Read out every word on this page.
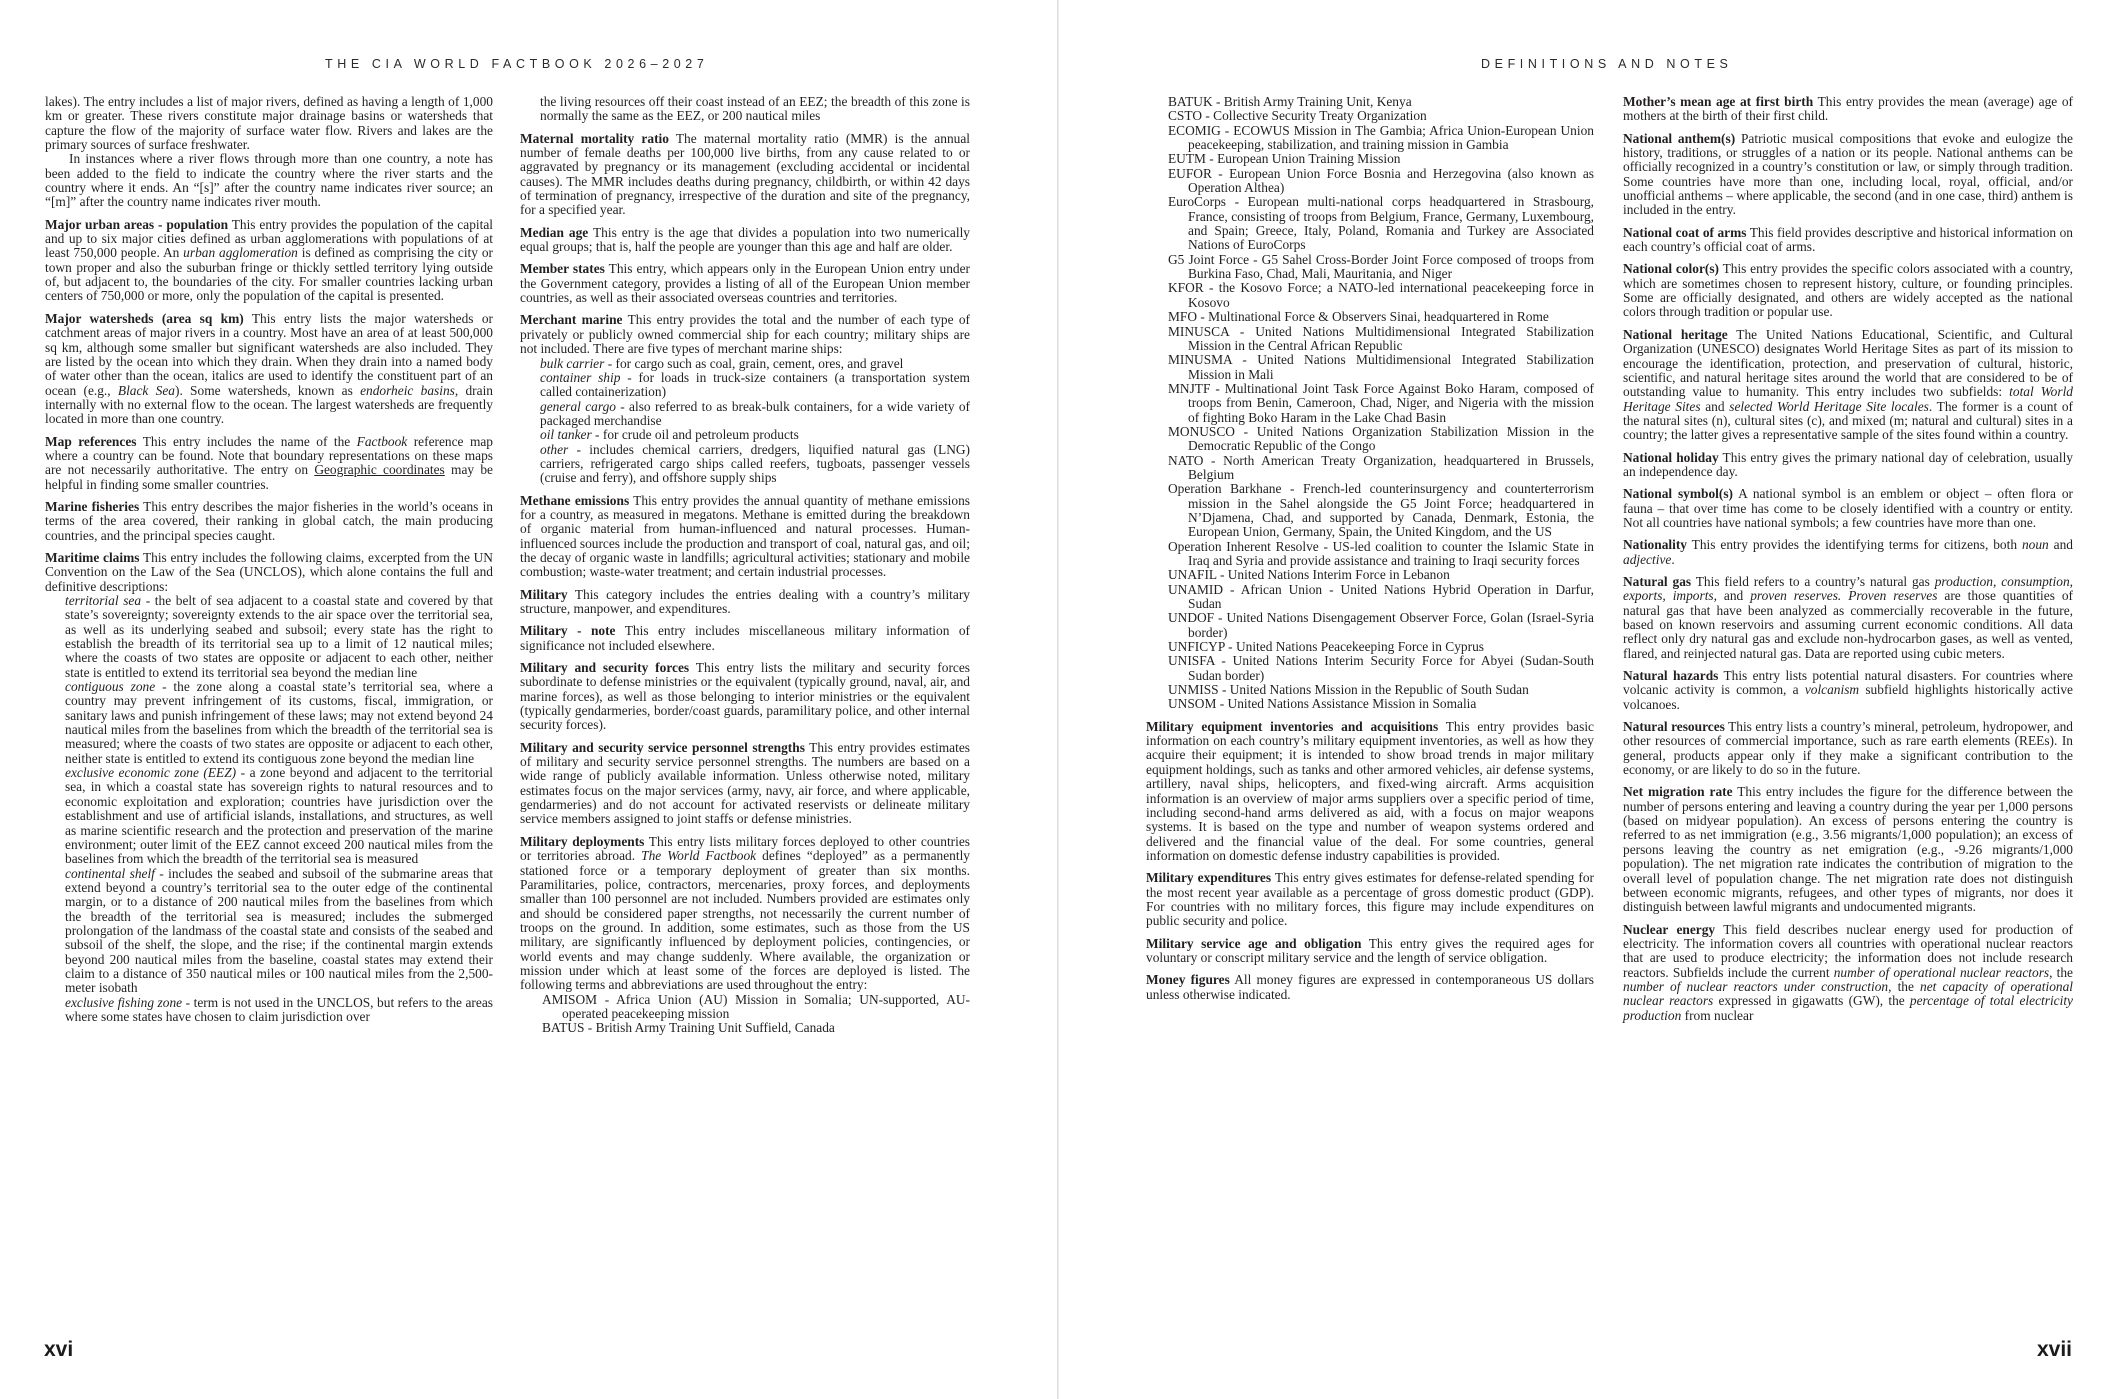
THE CIA WORLD FACTBOOK 2026–2027

lakes). The entry includes a list of major rivers, defined as having a length of 1,000 km or greater. These rivers constitute major drainage basins or watersheds that capture the flow of the majority of surface water flow. Rivers and lakes are the primary sources of surface freshwater.

In instances where a river flows through more than one country, a note has been added to the field to indicate the country where the river starts and the country where it ends. An “[s]” after the country name indicates river source; an “[m]” after the country name indicates river mouth.

Major urban areas - population This entry provides the population of the capital and up to six major cities defined as urban agglomerations with populations of at least 750,000 people. An urban agglomeration is defined as comprising the city or town proper and also the suburban fringe or thickly settled territory lying outside of, but adjacent to, the boundaries of the city. For smaller countries lacking urban centers of 750,000 or more, only the population of the capital is presented.

Major watersheds (area sq km) This entry lists the major watersheds or catchment areas of major rivers in a country. Most have an area of at least 500,000 sq km, although some smaller but significant watersheds are also included. They are listed by the ocean into which they drain. When they drain into a named body of water other than the ocean, italics are used to identify the constituent part of an ocean (e.g., Black Sea). Some watersheds, known as endorheic basins, drain internally with no external flow to the ocean. The largest watersheds are frequently located in more than one country.

Map references This entry includes the name of the Factbook reference map where a country can be found. Note that boundary representations on these maps are not necessarily authoritative. The entry on Geographic coordinates may be helpful in finding some smaller countries.

Marine fisheries This entry describes the major fisheries in the world’s oceans in terms of the area covered, their ranking in global catch, the main producing countries, and the principal species caught.

Maritime claims This entry includes the following claims, excerpted from the UN Convention on the Law of the Sea (UNCLOS), which alone contains the full and definitive descriptions:

territorial sea - the belt of sea adjacent to a coastal state and covered by that state’s sovereignty; sovereignty extends to the air space over the territorial sea, as well as its underlying seabed and subsoil; every state has the right to establish the breadth of its territorial sea up to a limit of 12 nautical miles; where the coasts of two states are opposite or adjacent to each other, neither state is entitled to extend its territorial sea beyond the median line

contiguous zone - the zone along a coastal state’s territorial sea, where a country may prevent infringement of its customs, fiscal, immigration, or sanitary laws and punish infringement of these laws; may not extend beyond 24 nautical miles from the baselines from which the breadth of the territorial sea is measured; where the coasts of two states are opposite or adjacent to each other, neither state is entitled to extend its contiguous zone beyond the median line

exclusive economic zone (EEZ) - a zone beyond and adjacent to the territorial sea, in which a coastal state has sovereign rights to natural resources and to economic exploitation and exploration; countries have jurisdiction over the establishment and use of artificial islands, installations, and structures, as well as marine scientific research and the protection and preservation of the marine environment; outer limit of the EEZ cannot exceed 200 nautical miles from the baselines from which the breadth of the territorial sea is measured

continental shelf - includes the seabed and subsoil of the submarine areas that extend beyond a country’s territorial sea to the outer edge of the continental margin, or to a distance of 200 nautical miles from the baselines from which the breadth of the territorial sea is measured; includes the submerged prolongation of the landmass of the coastal state and consists of the seabed and subsoil of the shelf, the slope, and the rise; if the continental margin extends beyond 200 nautical miles from the baseline, coastal states may extend their claim to a distance of 350 nautical miles or 100 nautical miles from the 2,500-meter isobath

exclusive fishing zone - term is not used in the UNCLOS, but refers to the areas where some states have chosen to claim jurisdiction over

the living resources off their coast instead of an EEZ; the breadth of this zone is normally the same as the EEZ, or 200 nautical miles

Maternal mortality ratio The maternal mortality ratio (MMR) is the annual number of female deaths per 100,000 live births, from any cause related to or aggravated by pregnancy or its management (excluding accidental or incidental causes). The MMR includes deaths during pregnancy, childbirth, or within 42 days of termination of pregnancy, irrespective of the duration and site of the pregnancy, for a specified year.

Median age This entry is the age that divides a population into two numerically equal groups; that is, half the people are younger than this age and half are older.

Member states This entry, which appears only in the European Union entry under the Government category, provides a listing of all of the European Union member countries, as well as their associated overseas countries and territories.

Merchant marine This entry provides the total and the number of each type of privately or publicly owned commercial ship for each country; military ships are not included. There are five types of merchant marine ships:

bulk carrier - for cargo such as coal, grain, cement, ores, and gravel

container ship - for loads in truck-size containers (a transportation system called containerization)

general cargo - also referred to as break-bulk containers, for a wide variety of packaged merchandise

oil tanker - for crude oil and petroleum products

other - includes chemical carriers, dredgers, liquified natural gas (LNG) carriers, refrigerated cargo ships called reefers, tugboats, passenger vessels (cruise and ferry), and offshore supply ships

Methane emissions This entry provides the annual quantity of methane emissions for a country, as measured in megatons. Methane is emitted during the breakdown of organic material from human-influenced and natural processes. Human-influenced sources include the production and transport of coal, natural gas, and oil; the decay of organic waste in landfills; agricultural activities; stationary and mobile combustion; waste-water treatment; and certain industrial processes.

Military This category includes the entries dealing with a country’s military structure, manpower, and expenditures.

Military - note This entry includes miscellaneous military information of significance not included elsewhere.

Military and security forces This entry lists the military and security forces subordinate to defense ministries or the equivalent (typically ground, naval, air, and marine forces), as well as those belonging to interior ministries or the equivalent (typically gendarmeries, border/coast guards, paramilitary police, and other internal security forces).

Military and security service personnel strengths This entry provides estimates of military and security service personnel strengths. The numbers are based on a wide range of publicly available information. Unless otherwise noted, military estimates focus on the major services (army, navy, air force, and where applicable, gendarmeries) and do not account for activated reservists or delineate military service members assigned to joint staffs or defense ministries.

Military deployments This entry lists military forces deployed to other countries or territories abroad. The World Factbook defines “deployed” as a permanently stationed force or a temporary deployment of greater than six months. Paramilitaries, police, contractors, mercenaries, proxy forces, and deployments smaller than 100 personnel are not included. Numbers provided are estimates only and should be considered paper strengths, not necessarily the current number of troops on the ground. In addition, some estimates, such as those from the US military, are significantly influenced by deployment policies, contingencies, or world events and may change suddenly. Where available, the organization or mission under which at least some of the forces are deployed is listed. The following terms and abbreviations are used throughout the entry:

AMISOM - Africa Union (AU) Mission in Somalia; UN-supported, AU-operated peacekeeping mission

BATUS - British Army Training Unit Suffield, Canada

xvi
DEFINITIONS AND NOTES

BATUK - British Army Training Unit, Kenya

CSTO - Collective Security Treaty Organization

ECOMIG - ECOWUS Mission in The Gambia; Africa Union-European Union peacekeeping, stabilization, and training mission in Gambia

EUTM - European Union Training Mission

EUFOR - European Union Force Bosnia and Herzegovina (also known as Operation Althea)

EuroCorps - European multi-national corps headquartered in Strasbourg, France, consisting of troops from Belgium, France, Germany, Luxembourg, and Spain; Greece, Italy, Poland, Romania and Turkey are Associated Nations of EuroCorps

G5 Joint Force - G5 Sahel Cross-Border Joint Force composed of troops from Burkina Faso, Chad, Mali, Mauritania, and Niger

KFOR - the Kosovo Force; a NATO-led international peacekeeping force in Kosovo

MFO - Multinational Force & Observers Sinai, headquartered in Rome

MINUSCA - United Nations Multidimensional Integrated Stabilization Mission in the Central African Republic

MINUSMA - United Nations Multidimensional Integrated Stabilization Mission in Mali

MNJTF - Multinational Joint Task Force Against Boko Haram, composed of troops from Benin, Cameroon, Chad, Niger, and Nigeria with the mission of fighting Boko Haram in the Lake Chad Basin

MONUSCO - United Nations Organization Stabilization Mission in the Democratic Republic of the Congo

NATO - North American Treaty Organization, headquartered in Brussels, Belgium

Operation Barkhane - French-led counterinsurgency and counterterrorism mission in the Sahel alongside the G5 Joint Force; headquartered in N’Djamena, Chad, and supported by Canada, Denmark, Estonia, the European Union, Germany, Spain, the United Kingdom, and the US

Operation Inherent Resolve - US-led coalition to counter the Islamic State in Iraq and Syria and provide assistance and training to Iraqi security forces

UNAFIL - United Nations Interim Force in Lebanon

UNAMID - African Union - United Nations Hybrid Operation in Darfur, Sudan

UNDOF - United Nations Disengagement Observer Force, Golan (Israel-Syria border)

UNFICYP - United Nations Peacekeeping Force in Cyprus

UNISFA - United Nations Interim Security Force for Abyei (Sudan-South Sudan border)

UNMISS - United Nations Mission in the Republic of South Sudan

UNSOM - United Nations Assistance Mission in Somalia

Military equipment inventories and acquisitions This entry provides basic information on each country’s military equipment inventories, as well as how they acquire their equipment; it is intended to show broad trends in major military equipment holdings, such as tanks and other armored vehicles, air defense systems, artillery, naval ships, helicopters, and fixed-wing aircraft. Arms acquisition information is an overview of major arms suppliers over a specific period of time, including second-hand arms delivered as aid, with a focus on major weapons systems. It is based on the type and number of weapon systems ordered and delivered and the financial value of the deal. For some countries, general information on domestic defense industry capabilities is provided.

Military expenditures This entry gives estimates for defense-related spending for the most recent year available as a percentage of gross domestic product (GDP). For countries with no military forces, this figure may include expenditures on public security and police.

Military service age and obligation This entry gives the required ages for voluntary or conscript military service and the length of service obligation.

Money figures All money figures are expressed in contemporaneous US dollars unless otherwise indicated.

Mother’s mean age at first birth This entry provides the mean (average) age of mothers at the birth of their first child.

National anthem(s) Patriotic musical compositions that evoke and eulogize the history, traditions, or struggles of a nation or its people. National anthems can be officially recognized in a country’s constitution or law, or simply through tradition. Some countries have more than one, including local, royal, official, and/or unofficial anthems – where applicable, the second (and in one case, third) anthem is included in the entry.

National coat of arms This field provides descriptive and historical information on each country’s official coat of arms.

National color(s) This entry provides the specific colors associated with a country, which are sometimes chosen to represent history, culture, or founding principles. Some are officially designated, and others are widely accepted as the national colors through tradition or popular use.

National heritage The United Nations Educational, Scientific, and Cultural Organization (UNESCO) designates World Heritage Sites as part of its mission to encourage the identification, protection, and preservation of cultural, historic, scientific, and natural heritage sites around the world that are considered to be of outstanding value to humanity. This entry includes two subfields: total World Heritage Sites and selected World Heritage Site locales. The former is a count of the natural sites (n), cultural sites (c), and mixed (m; natural and cultural) sites in a country; the latter gives a representative sample of the sites found within a country.

National holiday This entry gives the primary national day of celebration, usually an independence day.

National symbol(s) A national symbol is an emblem or object – often flora or fauna – that over time has come to be closely identified with a country or entity. Not all countries have national symbols; a few countries have more than one.

Nationality This entry provides the identifying terms for citizens, both noun and adjective.

Natural gas This field refers to a country’s natural gas production, consumption, exports, imports, and proven reserves. Proven reserves are those quantities of natural gas that have been analyzed as commercially recoverable in the future, based on known reservoirs and assuming current economic conditions. All data reflect only dry natural gas and exclude non-hydrocarbon gases, as well as vented, flared, and reinjected natural gas. Data are reported using cubic meters.

Natural hazards This entry lists potential natural disasters. For countries where volcanic activity is common, a volcanism subfield highlights historically active volcanoes.

Natural resources This entry lists a country’s mineral, petroleum, hydropower, and other resources of commercial importance, such as rare earth elements (REEs). In general, products appear only if they make a significant contribution to the economy, or are likely to do so in the future.

Net migration rate This entry includes the figure for the difference between the number of persons entering and leaving a country during the year per 1,000 persons (based on midyear population). An excess of persons entering the country is referred to as net immigration (e.g., 3.56 migrants/1,000 population); an excess of persons leaving the country as net emigration (e.g., -9.26 migrants/1,000 population). The net migration rate indicates the contribution of migration to the overall level of population change. The net migration rate does not distinguish between economic migrants, refugees, and other types of migrants, nor does it distinguish between lawful migrants and undocumented migrants.

Nuclear energy This field describes nuclear energy used for production of electricity. The information covers all countries with operational nuclear reactors that are used to produce electricity; the information does not include research reactors. Subfields include the current number of operational nuclear reactors, the number of nuclear reactors under construction, the net capacity of operational nuclear reactors expressed in gigawatts (GW), the percentage of total electricity production from nuclear

xvii
